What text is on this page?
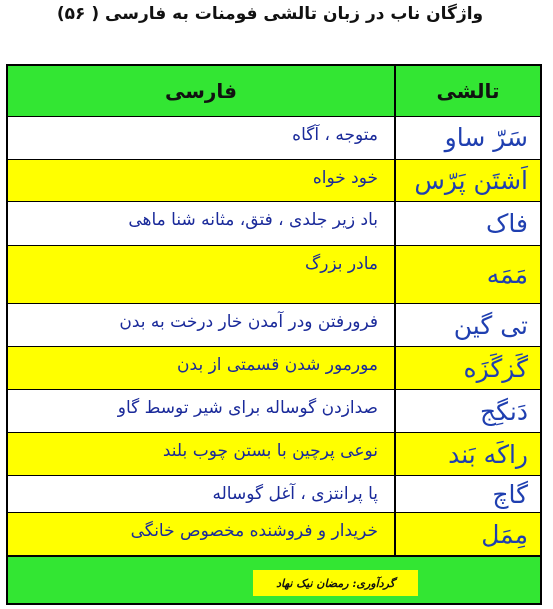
واژگان ناب در زبان تالشی فومنات به فارسی ( ۵۶)
تالشی
فارسی
سَرّ ساو
متوجه ، آگاه
اَشتَن پَرّس
خود خواه
فاک
باد زیر جلدی ، فتق، مثانه شنا ماهی
مَمَه
مادر بزرگ
تی گین
فرورفتن ودر آمدن خار درخت به بدن
گَزگَزَه
مورمور شدن قسمتی از بدن
دَنگِج
صدازدن گوساله برای شیر توسط گاو
راکَه بَند
نوعی پرچین با بستن چوب بلند
گاچ
پا پرانتزی ، آغل گوساله
مِمَل
خریدار و فروشنده مخصوص خانگی
گردآوری: رمضان نیک نهاد
